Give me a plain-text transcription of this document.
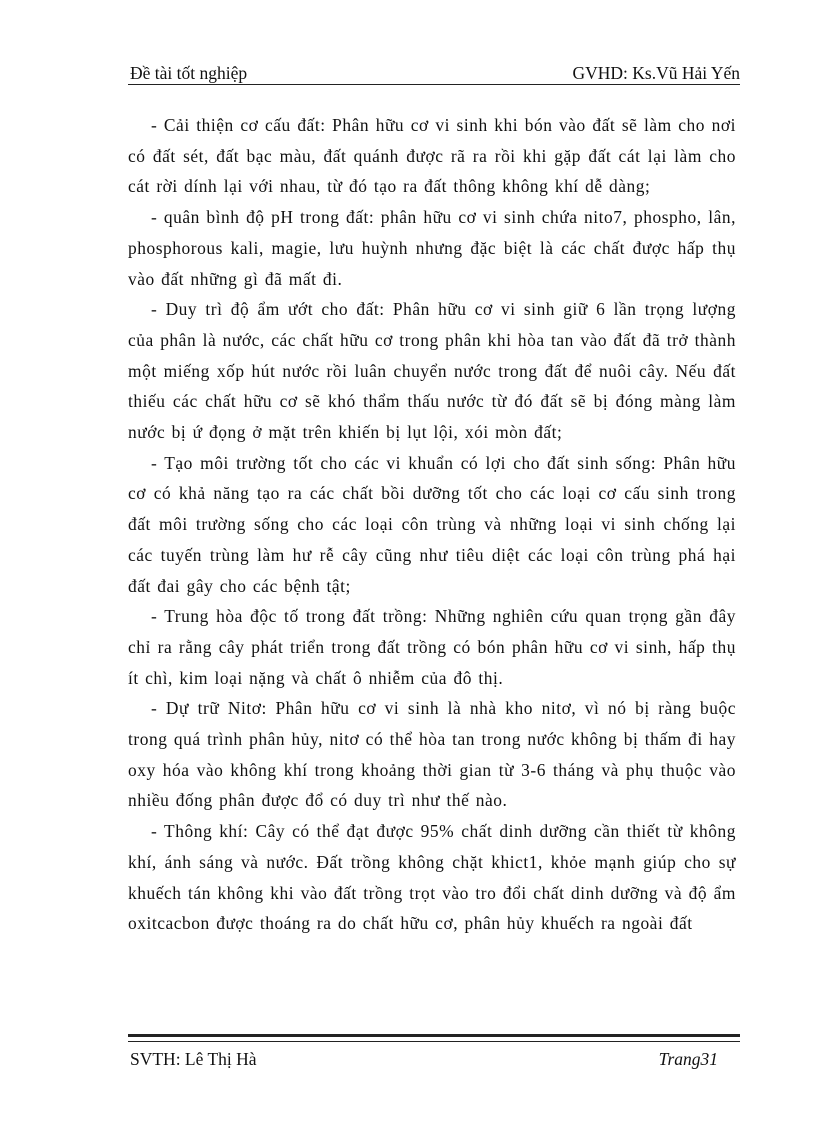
Đề tài tốt nghiệp	GVHD: Ks.Vũ Hải Yến

- Cải thiện cơ cấu đất: Phân hữu cơ vi sinh khi bón vào đất sẽ làm cho nơi có đất sét, đất bạc màu, đất quánh được rã ra rồi khi gặp đất cát lại làm cho cát rời dính lại với nhau, từ đó tạo ra đất thông không khí dễ dàng;

- quân bình độ pH trong đất: phân hữu cơ vi sinh chứa nito7, phospho, lân, phosphorous kali, magie, lưu huỳnh nhưng đặc biệt là các chất được hấp thụ vào đất những gì đã mất đi.

- Duy trì độ ẩm ướt cho đất: Phân hữu cơ vi sinh giữ 6 lần trọng lượng của phân là nước, các chất hữu cơ trong phân khi hòa tan vào đất đã trở thành một miếng xốp hút nước rồi luân chuyển nước trong đất để nuôi cây. Nếu đất thiếu các chất hữu cơ sẽ khó thẩm thấu nước từ đó đất sẽ bị đóng màng làm nước bị ứ đọng ở mặt trên khiến bị lụt lội, xói mòn đất;

- Tạo môi trường tốt cho các vi khuẩn có lợi cho đất sinh sống: Phân hữu cơ có khả năng tạo ra các chất bồi dưỡng tốt cho các loại cơ cấu sinh trong đất môi trường sống cho các loại côn trùng và những loại vi sinh chống lại các tuyến trùng làm hư rễ cây cũng như tiêu diệt các loại côn trùng phá hại đất đai gây cho các bệnh tật;

- Trung hòa độc tố trong đất trồng: Những nghiên cứu quan trọng gần đây chỉ ra rằng cây phát triển trong đất trồng có bón phân hữu cơ vi sinh, hấp thụ ít chì, kim loại nặng và chất ô nhiễm của đô thị.

- Dự trữ Nitơ: Phân hữu cơ vi sinh là nhà kho nitơ, vì nó bị ràng buộc trong quá trình phân hủy, nitơ có thể hòa tan trong nước không bị thấm đi hay oxy hóa vào không khí trong khoảng thời gian từ 3-6 tháng và phụ thuộc vào nhiều đống phân được đổ có duy trì như thế nào.

- Thông khí: Cây có thể đạt được 95% chất dinh dưỡng cần thiết từ không khí, ánh sáng và nước. Đất trồng không chặt khict1, khỏe mạnh giúp cho sự khuếch tán không khi vào đất trồng trọt vào tro đổi chất dinh dưỡng và độ ẩm oxitcacbon được thoáng ra do chất hữu cơ, phân hủy khuếch ra ngoài đất

SVTH: Lê Thị Hà	Trang31
